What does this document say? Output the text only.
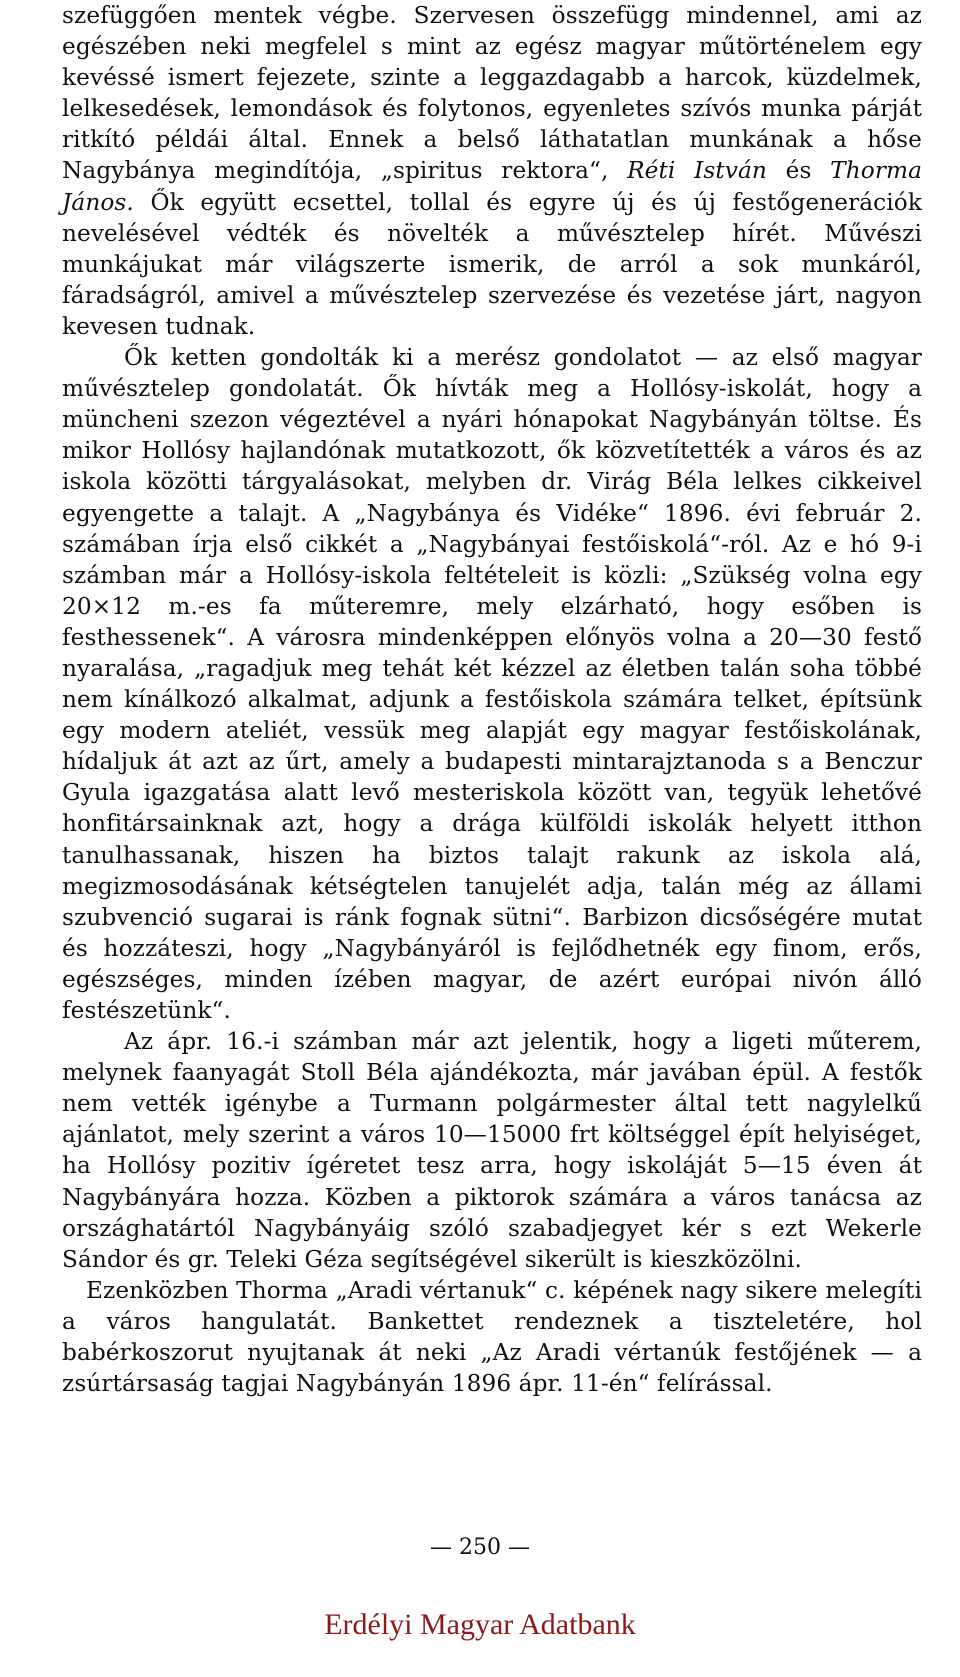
szefüggően mentek végbe. Szervesen összefügg mindennel, ami az egészében neki megfelel s mint az egész magyar műtörténelem egy kevéssé ismert fejezete, szinte a leggazdagabb a harcok, küzdelmek, lelkesedések, lemondások és folytonos, egyenletes szívós munka párját ritkító példái által. Ennek a belső láthatatlan munkának a hőse Nagybánya megindítója, „spiritus rektora“, Réti István és Thorma János. Ők együtt ecsettel, tollal és egyre új és új festőgenerációk nevelésével védték és növelték a művésztelep hírét. Művészi munkájukat már világszerte ismerik, de arról a sok munkáról, fáradságról, amivel a művésztelep szervezése és vezetése járt, nagyon kevesen tudnak.

Ők ketten gondolták ki a merész gondolatot — az első magyar művésztelep gondolatát. Ők hívták meg a Hollósy-iskolát, hogy a müncheni szezon végeztével a nyári hónapokat Nagybányán töltse. És mikor Hollósy hajlandónak mutatkozott, ők közvetítették a város és az iskola közötti tárgyalásokat, melyben dr. Virág Béla lelkes cikkeivel egyengette a talajt. A „Nagybánya és Vidéke“ 1896. évi február 2. számában írja első cikkét a „Nagybányai festőiskolá“-ról. Az e hó 9-i számban már a Hollósy-iskola feltételeit is közli: „Szükség volna egy 20×12 m.-es fa műteremre, mely elzárható, hogy esőben is festhessenek“. A városra mindenképpen előnyös volna a 20—30 festő nyaralása, „ragadjuk meg tehát két kézzel az életben talán soha többé nem kínálkozó alkalmat, adjunk a festőiskola számára telket, építsünk egy modern ateliét, vessük meg alapját egy magyar festőiskolának, hídaljuk át azt az űrt, amely a budapesti mintarajztanoda s a Benczur Gyula igazgatása alatt levő mesteriskola között van, tegyük lehetővé honfitársainknak azt, hogy a drága külföldi iskolák helyett itthon tanulhassanak, hiszen ha biztos talajt rakunk az iskola alá, megizmosodásának kétségtelen tanujelét adja, talán még az állami szubvenció sugarai is ránk fognak sütni“. Barbizon dicsőségére mutat és hozzáteszi, hogy „Nagybányáról is fejlődhetnék egy finom, erős, egészséges, minden ízében magyar, de azért európai nivón álló festészetünk“.

Az ápr. 16.-i számban már azt jelentik, hogy a ligeti műterem, melynek faanyagát Stoll Béla ajándékozta, már javában épül. A festők nem vették igénybe a Turmann polgármester által tett nagylelkű ajánlatot, mely szerint a város 10—15000 frt költséggel épít helyiséget, ha Hollósy pozitiv ígéretet tesz arra, hogy iskoláját 5—15 éven át Nagybányára hozza. Közben a piktorok számára a város tanácsa az országhatártól Nagybányáig szóló szabadjegyet kér s ezt Wekerle Sándor és gr. Teleki Géza segítségével sikerült is kieszközölni.

Ezenközben Thorma „Aradi vértanuk“ c. képének nagy sikere melegíti a város hangulatát. Bankettet rendeznek a tiszteletére, hol babérkoszorut nyujtanak át neki „Az Aradi vértanúk festőjének — a zsúrtársaság tagjai Nagybányán 1896 ápr. 11-én“ felírással.

— 250 —
Erdélyi Magyar Adatbank
